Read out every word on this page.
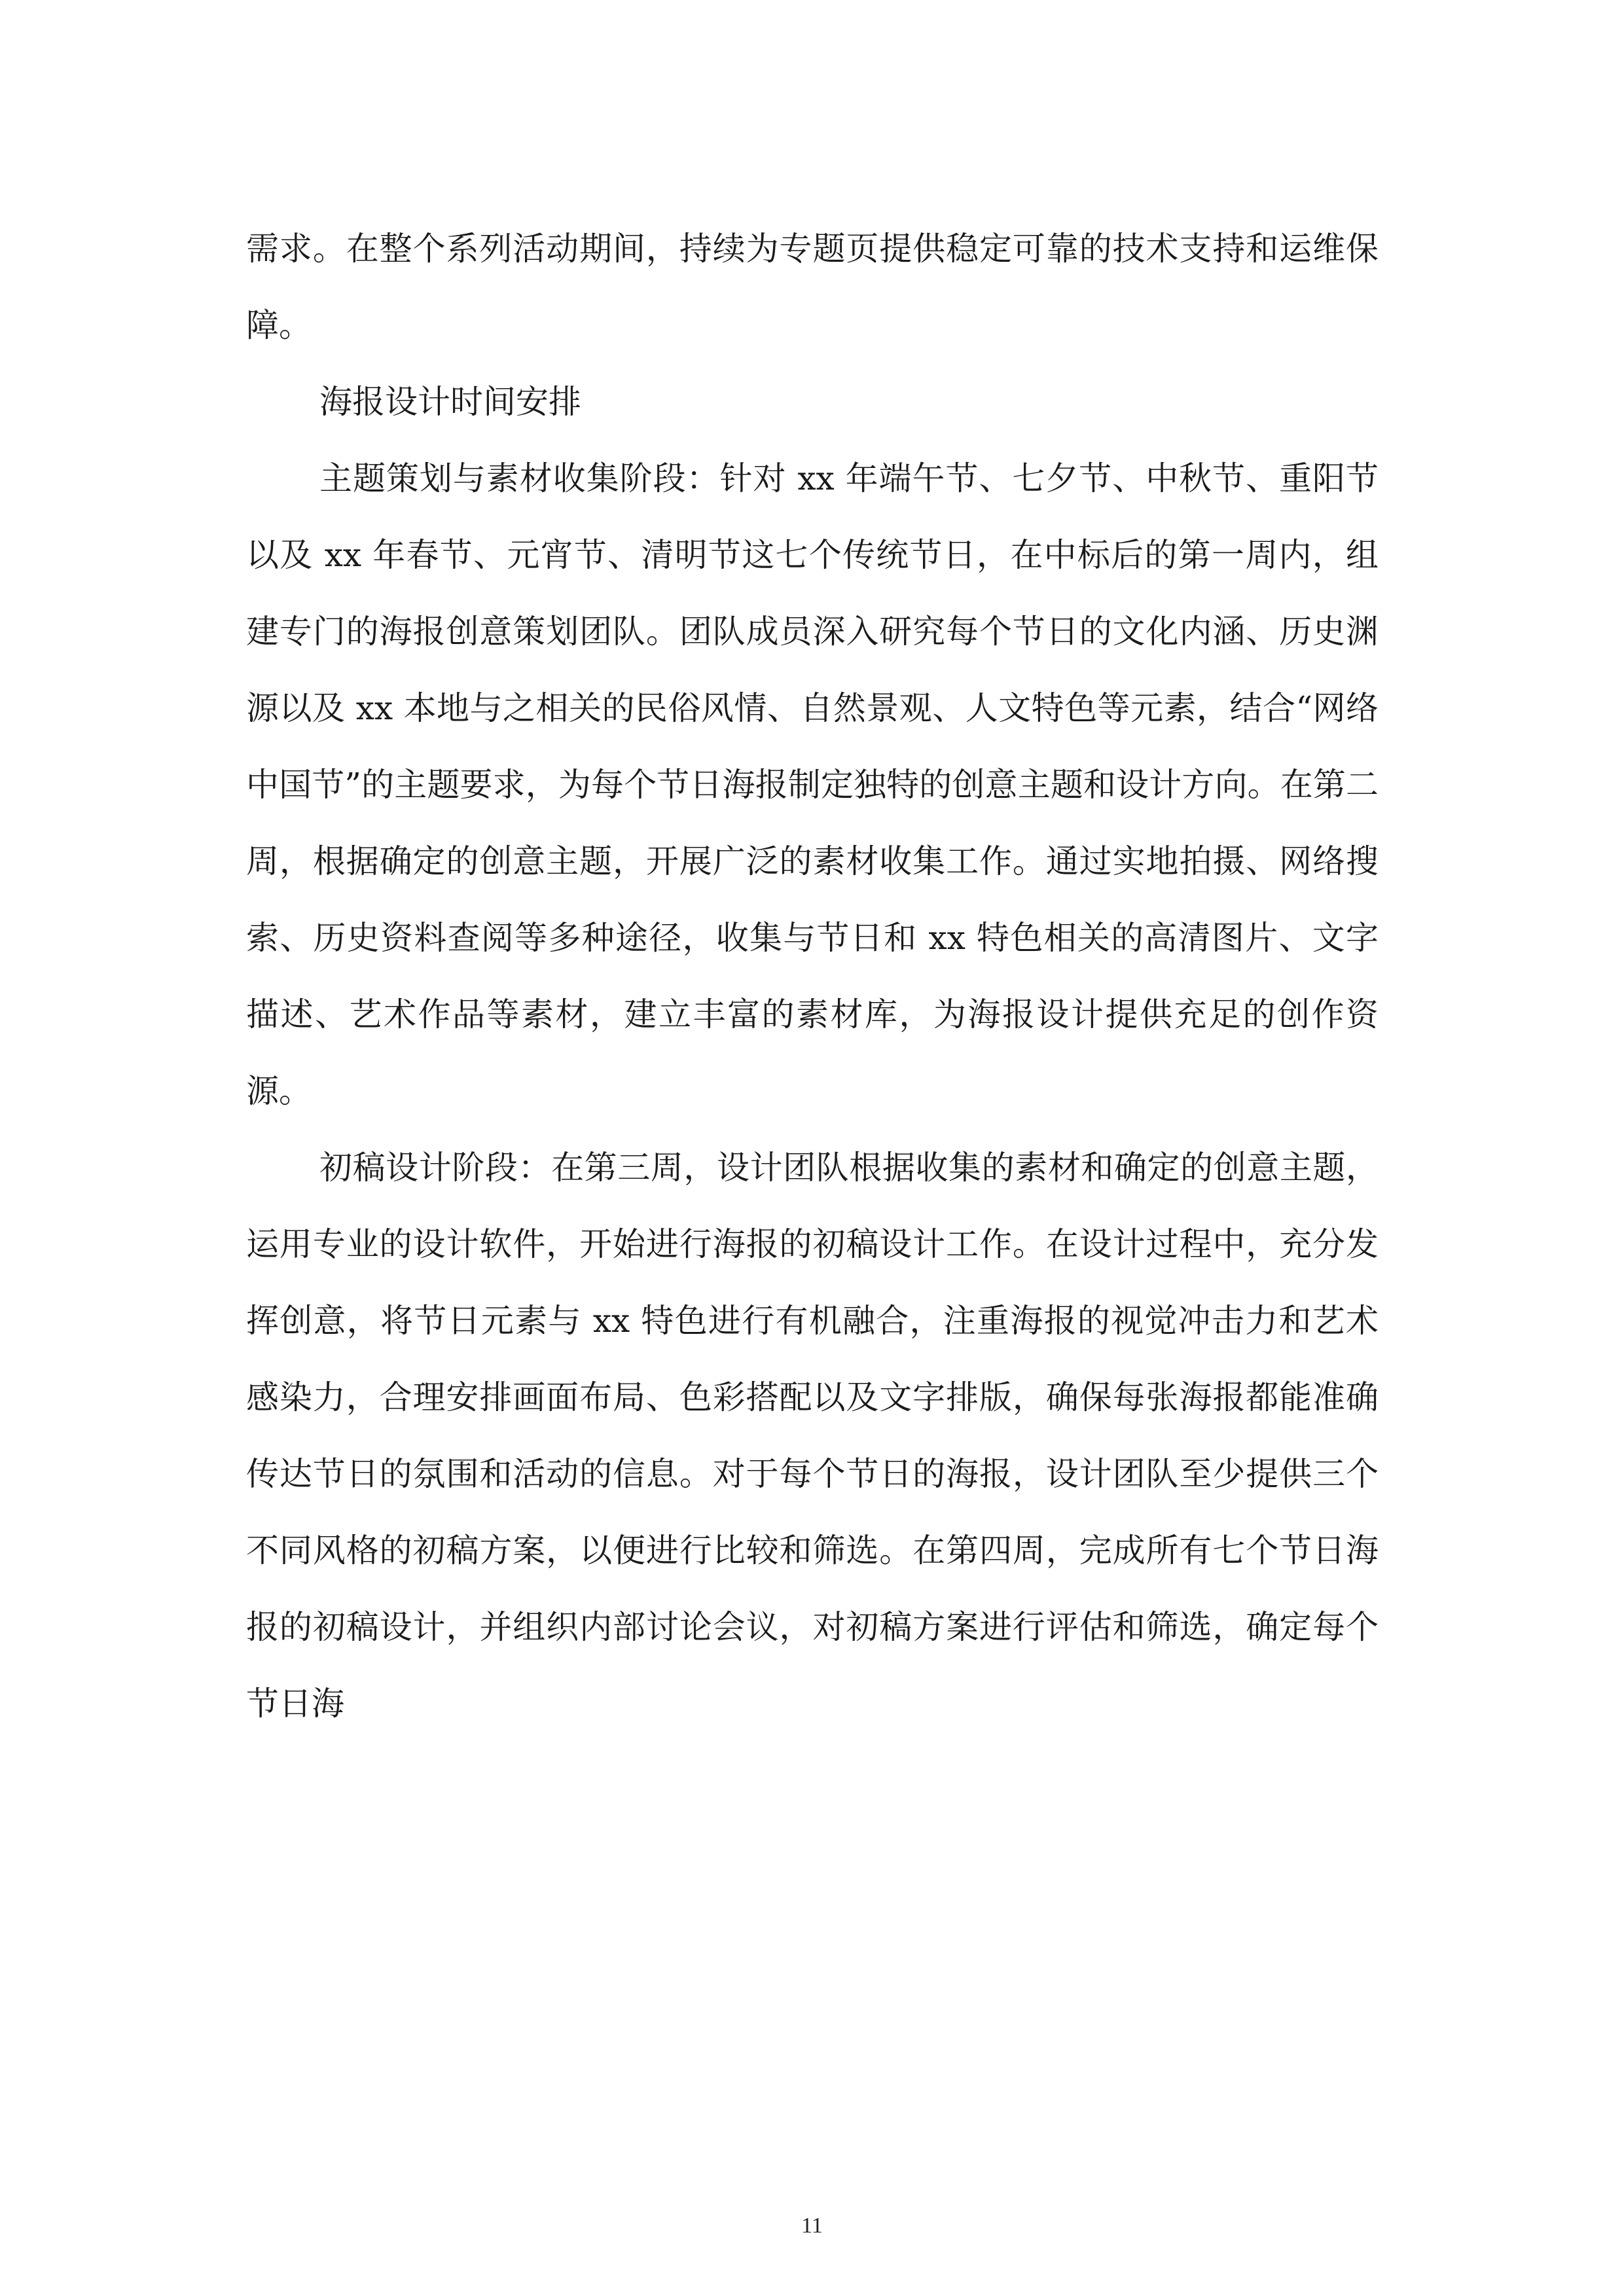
需求。在整个系列活动期间，持续为专题页提供稳定可靠的技术支持和运维保障。

海报设计时间安排

主题策划与素材收集阶段：针对 xx 年端午节、七夕节、中秋节、重阳节以及 xx 年春节、元宵节、清明节这七个传统节日，在中标后的第一周内，组建专门的海报创意策划团队。团队成员深入研究每个节日的文化内涵、历史渊源以及 xx 本地与之相关的民俗风情、自然景观、人文特色等元素，结合“网络中国节”的主题要求，为每个节日海报制定独特的创意主题和设计方向。在第二周，根据确定的创意主题，开展广泛的素材收集工作。通过实地拍摄、网络搜索、历史资料查阅等多种途径，收集与节日和 xx 特色相关的高清图片、文字描述、艺术作品等素材，建立丰富的素材库，为海报设计提供充足的创作资源。

初稿设计阶段：在第三周，设计团队根据收集的素材和确定的创意主题，运用专业的设计软件，开始进行海报的初稿设计工作。在设计过程中，充分发挥创意，将节日元素与 xx 特色进行有机融合，注重海报的视觉冲击力和艺术感染力，合理安排画面布局、色彩搭配以及文字排版，确保每张海报都能准确传达节日的氛围和活动的信息。对于每个节日的海报，设计团队至少提供三个不同风格的初稿方案，以便进行比较和筛选。在第四周，完成所有七个节日海报的初稿设计，并组织内部讨论会议，对初稿方案进行评估和筛选，确定每个节日海

11
